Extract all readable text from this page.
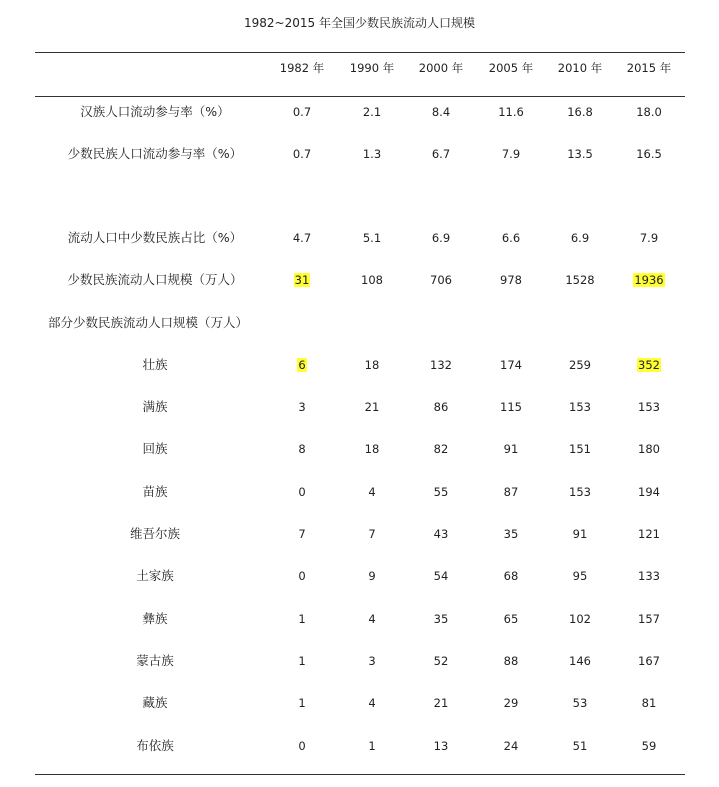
1982~2015 年全国少数民族流动人口规模
1982 年	1990 年	2000 年	2005 年	2010 年	2015 年
汉族人口流动参与率（%）	0.7	2.1	8.4	11.6	16.8	18.0
少数民族人口流动参与率（%）	0.7	1.3	6.7	7.9	13.5	16.5
流动人口中少数民族占比（%）	4.7	5.1	6.9	6.6	6.9	7.9
少数民族流动人口规模（万人）	31	108	706	978	1528	1936
部分少数民族流动人口规模（万人）
壮族	6	18	132	174	259	352
满族	3	21	86	115	153	153
回族	8	18	82	91	151	180
苗族	0	4	55	87	153	194
维吾尔族	7	7	43	35	91	121
土家族	0	9	54	68	95	133
彝族	1	4	35	65	102	157
蒙古族	1	3	52	88	146	167
藏族	1	4	21	29	53	81
布依族	0	1	13	24	51	59
